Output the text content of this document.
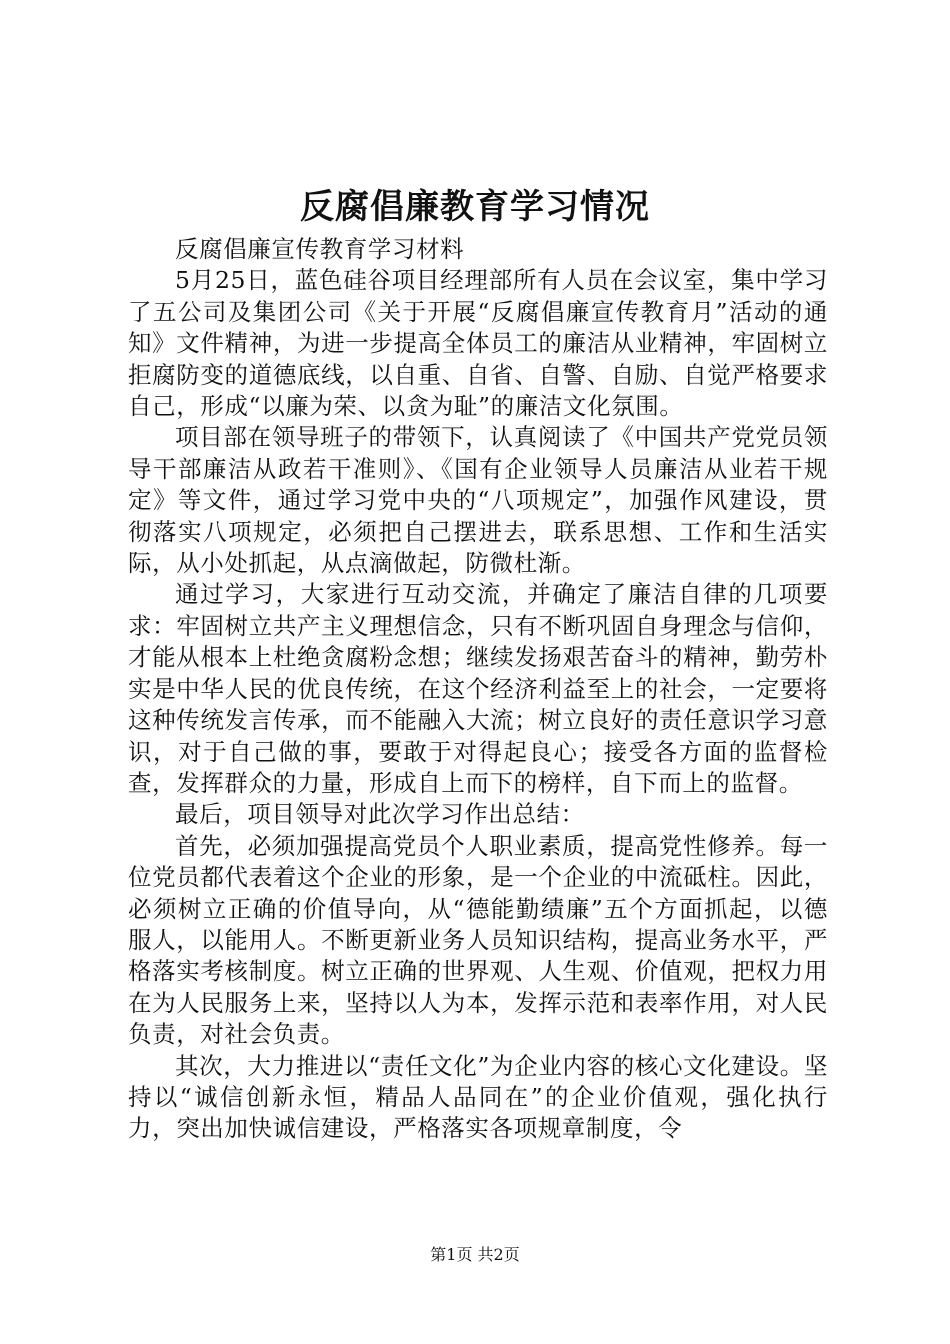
反腐倡廉教育学习情况

反腐倡廉宣传教育学习材料

5月25日，蓝色硅谷项目经理部所有人员在会议室，集中学习了五公司及集团公司《关于开展“反腐倡廉宣传教育月”活动的通知》文件精神，为进一步提高全体员工的廉洁从业精神，牢固树立拒腐防变的道德底线，以自重、自省、自警、自励、自觉严格要求自己，形成“以廉为荣、以贪为耻”的廉洁文化氛围。

项目部在领导班子的带领下，认真阅读了《中国共产党党员领导干部廉洁从政若干准则》、《国有企业领导人员廉洁从业若干规定》等文件，通过学习党中央的“八项规定”，加强作风建设，贯彻落实八项规定，必须把自己摆进去，联系思想、工作和生活实际，从小处抓起，从点滴做起，防微杜渐。

通过学习，大家进行互动交流，并确定了廉洁自律的几项要求：牢固树立共产主义理想信念，只有不断巩固自身理念与信仰，才能从根本上杜绝贪腐粉念想；继续发扬艰苦奋斗的精神，勤劳朴实是中华人民的优良传统，在这个经济利益至上的社会，一定要将这种传统发言传承，而不能融入大流；树立良好的责任意识学习意识，对于自己做的事，要敢于对得起良心；接受各方面的监督检查，发挥群众的力量，形成自上而下的榜样，自下而上的监督。

最后，项目领导对此次学习作出总结：

首先，必须加强提高党员个人职业素质，提高党性修养。每一位党员都代表着这个企业的形象，是一个企业的中流砥柱。因此，必须树立正确的价值导向，从“德能勤绩廉”五个方面抓起，以德服人，以能用人。不断更新业务人员知识结构，提高业务水平，严格落实考核制度。树立正确的世界观、人生观、价值观，把权力用在为人民服务上来，坚持以人为本，发挥示范和表率作用，对人民负责，对社会负责。

其次，大力推进以“责任文化”为企业内容的核心文化建设。坚持以“诚信创新永恒，精品人品同在”的企业价值观，强化执行力，突出加快诚信建设，严格落实各项规章制度，令

第1页 共2页
